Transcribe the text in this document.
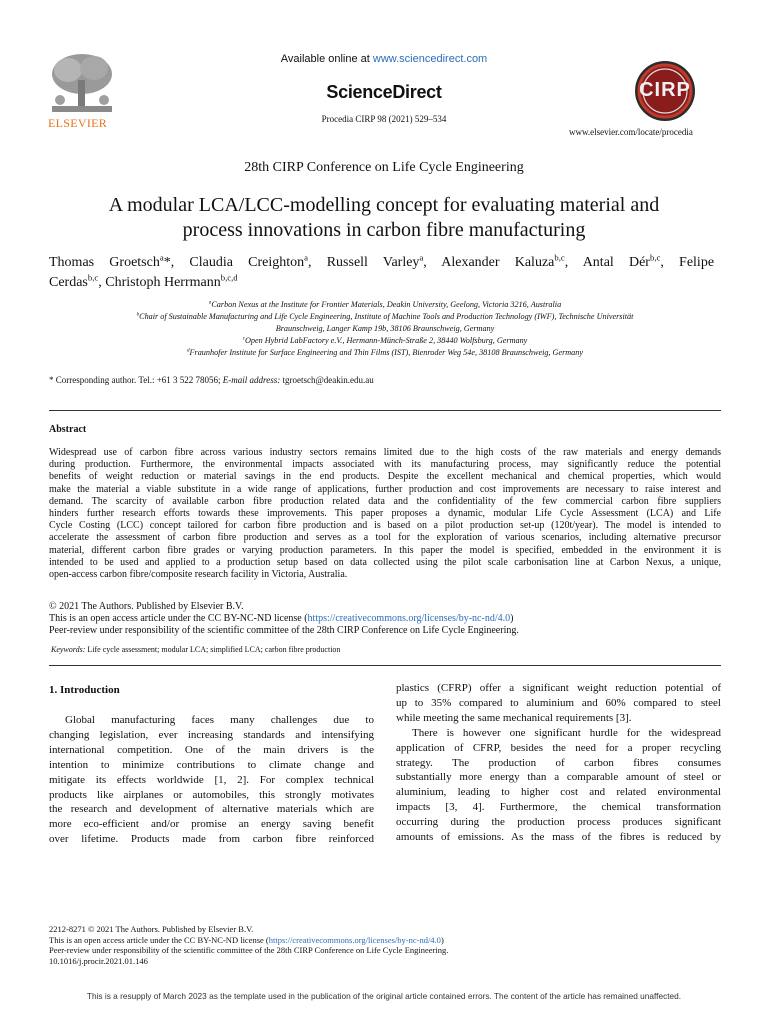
ELSEVIER
Available online at www.sciencedirect.com
ScienceDirect
Procedia CIRP 98 (2021) 529–534
CIRP
www.elsevier.com/locate/procedia
28th CIRP Conference on Life Cycle Engineering
A modular LCA/LCC-modelling concept for evaluating material and
process innovations in carbon fibre manufacturing
Thomas Groetsch$^a$*, Claudia Creighton$^a$, Russell Varley$^a$, Alexander Kaluza$^{b,c}$, Antal Dér$^{b,c}$, Felipe
Cerdas$^{b,c}$, Christoph Herrmann$^{b,c,d}$
$^a$Carbon Nexus at the Institute for Frontier Materials, Deakin University, Geelong, Victoria 3216, Australia
$^b$Chair of Sustainable Manufacturing and Life Cycle Engineering, Institute of Machine Tools and Production Technology (IWF), Technische Universität
Braunschweig, Langer Kamp 19b, 38106 Braunschweig, Germany
$^c$Open Hybrid LabFactory e.V., Hermann-Münch-Straße 2, 38440 Wolfsburg, Germany
$^d$Fraunhofer Institute for Surface Engineering and Thin Films (IST), Bienroder Weg 54e, 38108 Braunschweig, Germany
* Corresponding author. Tel.: +61 3 522 78056; E-mail address: tgroetsch@deakin.edu.au
Abstract
Widespread use of carbon fibre across various industry sectors remains limited due to the high costs of the raw materials and energy demands
during production. Furthermore, the environmental impacts associated with its manufacturing process, may significantly reduce the potential
benefits of weight reduction or material savings in the end products. Despite the excellent mechanical and chemical properties, which would
make the material a viable substitute in a wide range of applications, further production and cost improvements are necessary to raise interest and
demand. The scarcity of available carbon fibre production related data and the confidentiality of the few commercial carbon fibre suppliers
hinders further research efforts towards these improvements. This paper proposes a dynamic, modular Life Cycle Assessment (LCA) and Life
Cycle Costing (LCC) concept tailored for carbon fibre production and is based on a pilot production set-up (120t/year). The model is intended to
accelerate the assessment of carbon fibre production and serves as a tool for the exploration of various scenarios, including alternative precursor
material, different carbon fibre grades or varying production parameters. In this paper the model is specified, embedded in the environment it is
intended to be used and applied to a production setup based on data collected using the pilot scale carbonisation line at Carbon Nexus, a unique,
open-access carbon fibre/composite research facility in Victoria, Australia.
© 2021 The Authors. Published by Elsevier B.V.
This is an open access article under the CC BY-NC-ND license (https://creativecommons.org/licenses/by-nc-nd/4.0)
Peer-review under responsibility of the scientific committee of the 28th CIRP Conference on Life Cycle Engineering.
Keywords: Life cycle assessment; modular LCA; simplified LCA; carbon fibre production
1. Introduction
Global manufacturing faces many challenges due to
changing legislation, ever increasing standards and intensifying
international competition. One of the main drivers is the
intention to minimize contributions to climate change and
mitigate its effects worldwide [1, 2]. For complex technical
products like airplanes or automobiles, this strongly motivates
the research and development of alternative materials which are
more eco-efficient and/or promise an energy saving benefit
over lifetime. Products made from carbon fibre reinforced
plastics (CFRP) offer a significant weight reduction potential of
up to 35% compared to aluminium and 60% compared to steel
while meeting the same mechanical requirements [3].
There is however one significant hurdle for the widespread
application of CFRP, besides the need for a proper recycling
strategy. The production of carbon fibres consumes
substantially more energy than a comparable amount of steel or
aluminium, leading to higher cost and related environmental
impacts [3, 4]. Furthermore, the chemical transformation
occurring during the production process produces significant
amounts of emissions. As the mass of the fibres is reduced by
2212-8271 © 2021 The Authors. Published by Elsevier B.V.
This is an open access article under the CC BY-NC-ND license (https://creativecommons.org/licenses/by-nc-nd/4.0)
Peer-review under responsibility of the scientific committee of the 28th CIRP Conference on Life Cycle Engineering.
10.1016/j.procir.2021.01.146
This is a resupply of March 2023 as the template used in the publication of the original article contained errors. The content of the article has remained unaffected.
